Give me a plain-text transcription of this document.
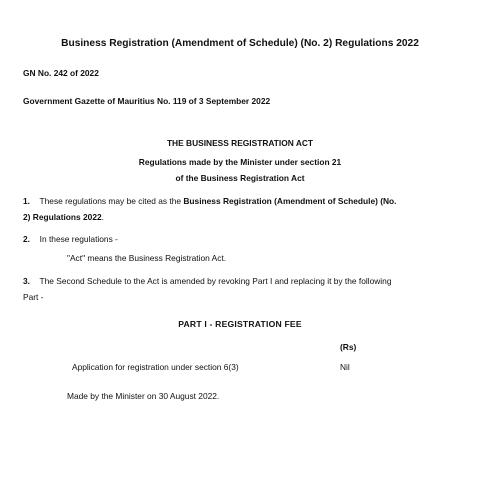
Business Registration (Amendment of Schedule) (No. 2) Regulations 2022
GN No. 242 of 2022
Government Gazette of Mauritius No. 119 of 3 September 2022
THE BUSINESS REGISTRATION ACT
Regulations made by the Minister under section 21
of the Business Registration Act
1. These regulations may be cited as the Business Registration (Amendment of Schedule) (No.
2) Regulations 2022.
2. In these regulations -
"Act" means the Business Registration Act.
3. The Second Schedule to the Act is amended by revoking Part I and replacing it by the following
Part -
PART I - REGISTRATION FEE
(Rs)
Application for registration under section 6(3)	Nil
Made by the Minister on 30 August 2022.
